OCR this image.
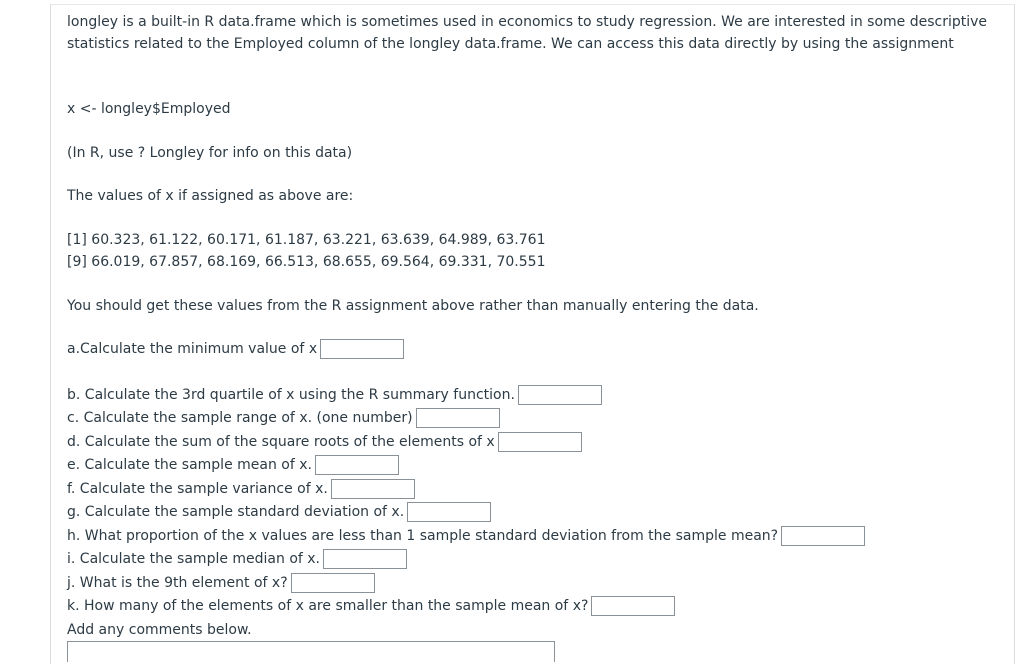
longley is a built-in R data.frame which is sometimes used in economics to study regression. We are interested in some descriptive statistics related to the Employed column of the longley data.frame. We can access this data directly by using the assignment
x <- longley$Employed
(In R, use ? Longley for info on this data)
The values of x if assigned as above are:
[1] 60.323, 61.122, 60.171, 61.187, 63.221, 63.639, 64.989, 63.761
[9] 66.019, 67.857, 68.169, 66.513, 68.655, 69.564, 69.331, 70.551
You should get these values from the R assignment above rather than manually entering the data.
a.Calculate the minimum value of x
b. Calculate the 3rd quartile of x using the R summary function.
c. Calculate the sample range of x. (one number)
d. Calculate the sum of the square roots of the elements of x
e. Calculate the sample mean of x.
f. Calculate the sample variance of x.
g. Calculate the sample standard deviation of x.
h. What proportion of the x values are less than 1 sample standard deviation from the sample mean?
i. Calculate the sample median of x.
j. What is the 9th element of x?
k. How many of the elements of x are smaller than the sample mean of x?
Add any comments below.
